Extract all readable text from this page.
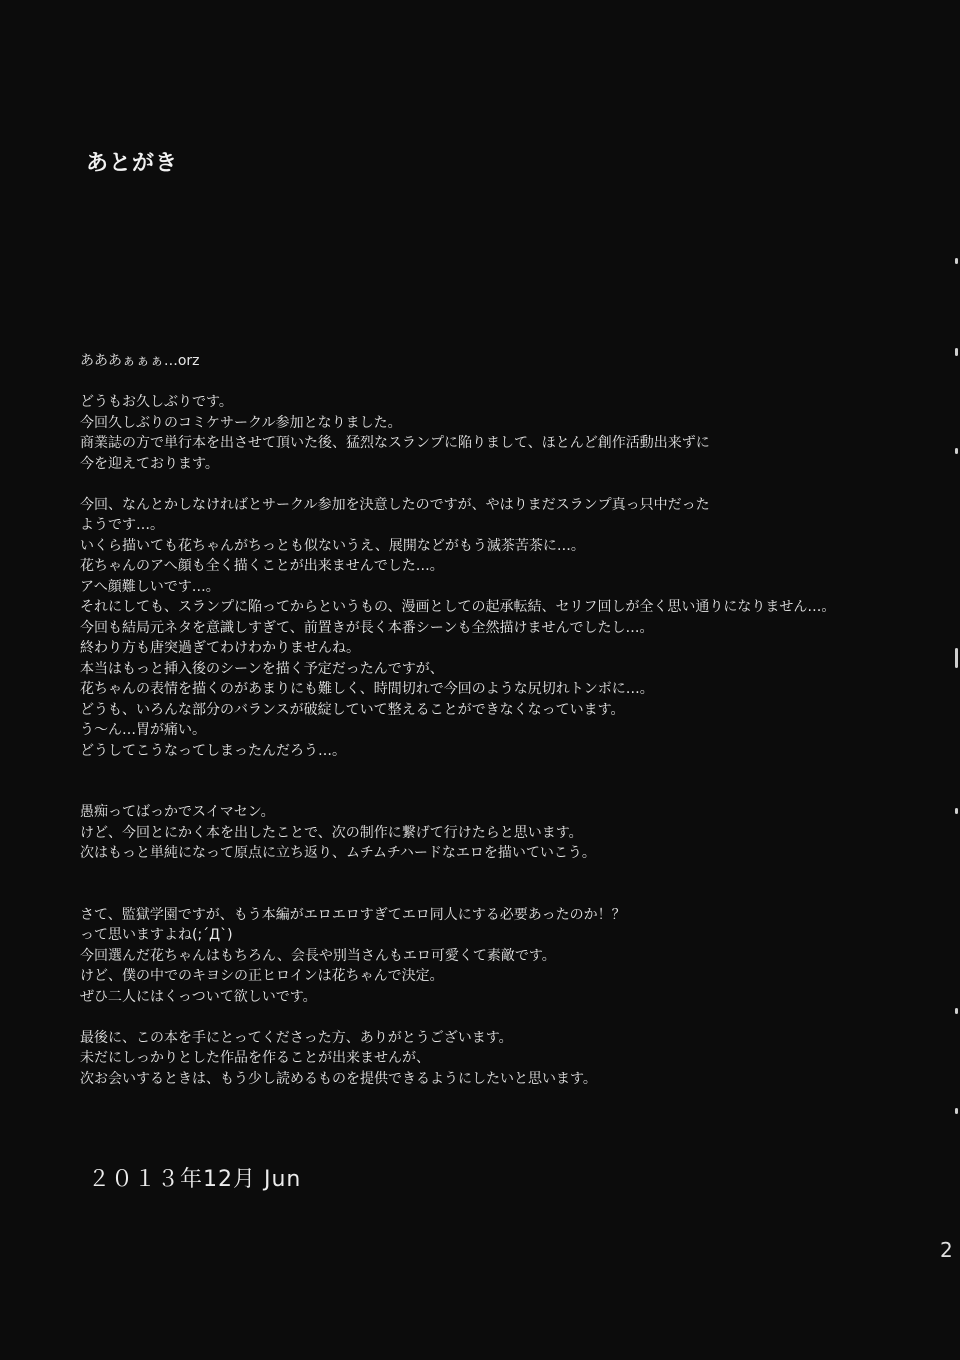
あとがき
あああぁぁぁ…orz
どうもお久しぶりです。
今回久しぶりのコミケサークル参加となりました。
商業誌の方で単行本を出させて頂いた後、猛烈なスランプに陥りまして、ほとんど創作活動出来ずに
今を迎えております。
今回、なんとかしなければとサークル参加を決意したのですが、やはりまだスランプ真っ只中だった
ようです…。
いくら描いても花ちゃんがちっとも似ないうえ、展開などがもう滅茶苦茶に…。
花ちゃんのアへ顔も全く描くことが出来ませんでした…。
アへ顔難しいです…。
それにしても、スランプに陥ってからというもの、漫画としての起承転結、セリフ回しが全く思い通りになりません…。
今回も結局元ネタを意識しすぎて、前置きが長く本番シーンも全然描けませんでしたし…。
終わり方も唐突過ぎてわけわかりませんね。
本当はもっと挿入後のシーンを描く予定だったんですが、
花ちゃんの表情を描くのがあまりにも難しく、時間切れで今回のような尻切れトンボに…。
どうも、いろんな部分のバランスが破綻していて整えることができなくなっています。
う〜ん…胃が痛い。
どうしてこうなってしまったんだろう…。
愚痴ってばっかでスイマセン。
けど、今回とにかく本を出したことで、次の制作に繋げて行けたらと思います。
次はもっと単純になって原点に立ち返り、ムチムチハードなエロを描いていこう。
さて、監獄学園ですが、もう本編がエロエロすぎてエロ同人にする必要あったのか！？
って思いますよね(;´Д`)
今回選んだ花ちゃんはもちろん、会長や別当さんもエロ可愛くて素敵です。
けど、僕の中でのキヨシの正ヒロインは花ちゃんで決定。
ぜひ二人にはくっついて欲しいです。
最後に、この本を手にとってくださった方、ありがとうございます。
未だにしっかりとした作品を作ることが出来ませんが、
次お会いするときは、もう少し読めるものを提供できるようにしたいと思います。
２０１３年12月 Jun
2
